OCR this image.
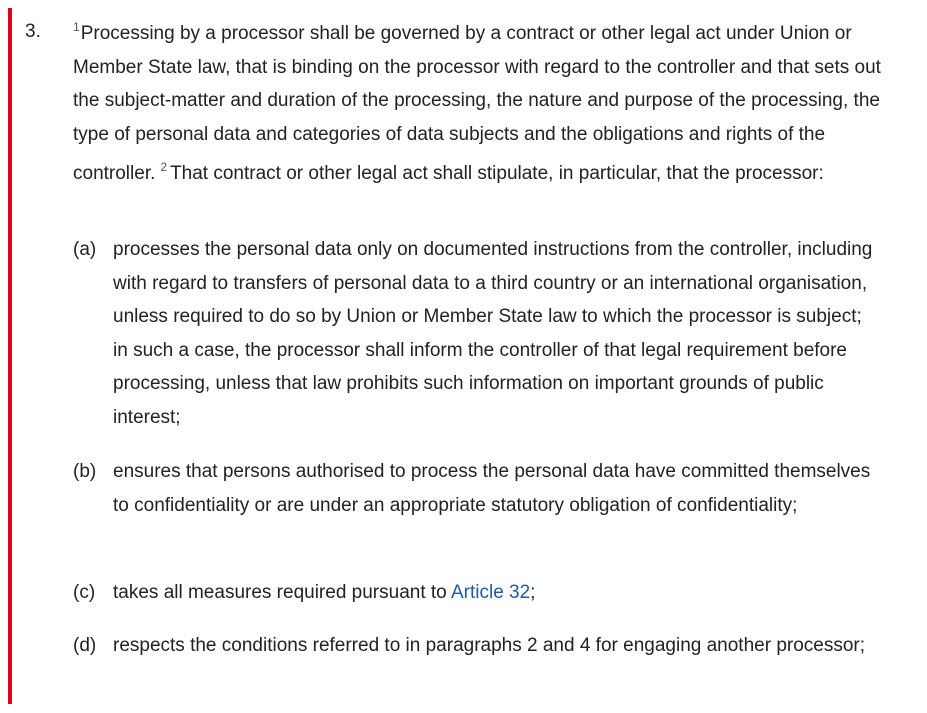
3.	$^1$Processing by a processor shall be governed by a contract or other legal act under Union or Member State law, that is binding on the processor with regard to the controller and that sets out the subject-matter and duration of the processing, the nature and purpose of the processing, the type of personal data and categories of data subjects and the obligations and rights of the controller. $^2$ That contract or other legal act shall stipulate, in particular, that the processor:
(a) processes the personal data only on documented instructions from the controller, including with regard to transfers of personal data to a third country or an international organisation, unless required to do so by Union or Member State law to which the processor is subject; in such a case, the processor shall inform the controller of that legal requirement before processing, unless that law prohibits such information on important grounds of public interest;
(b) ensures that persons authorised to process the personal data have committed themselves to confidentiality or are under an appropriate statutory obligation of confidentiality;
(c) takes all measures required pursuant to Article 32;
(d) respects the conditions referred to in paragraphs 2 and 4 for engaging another processor;
